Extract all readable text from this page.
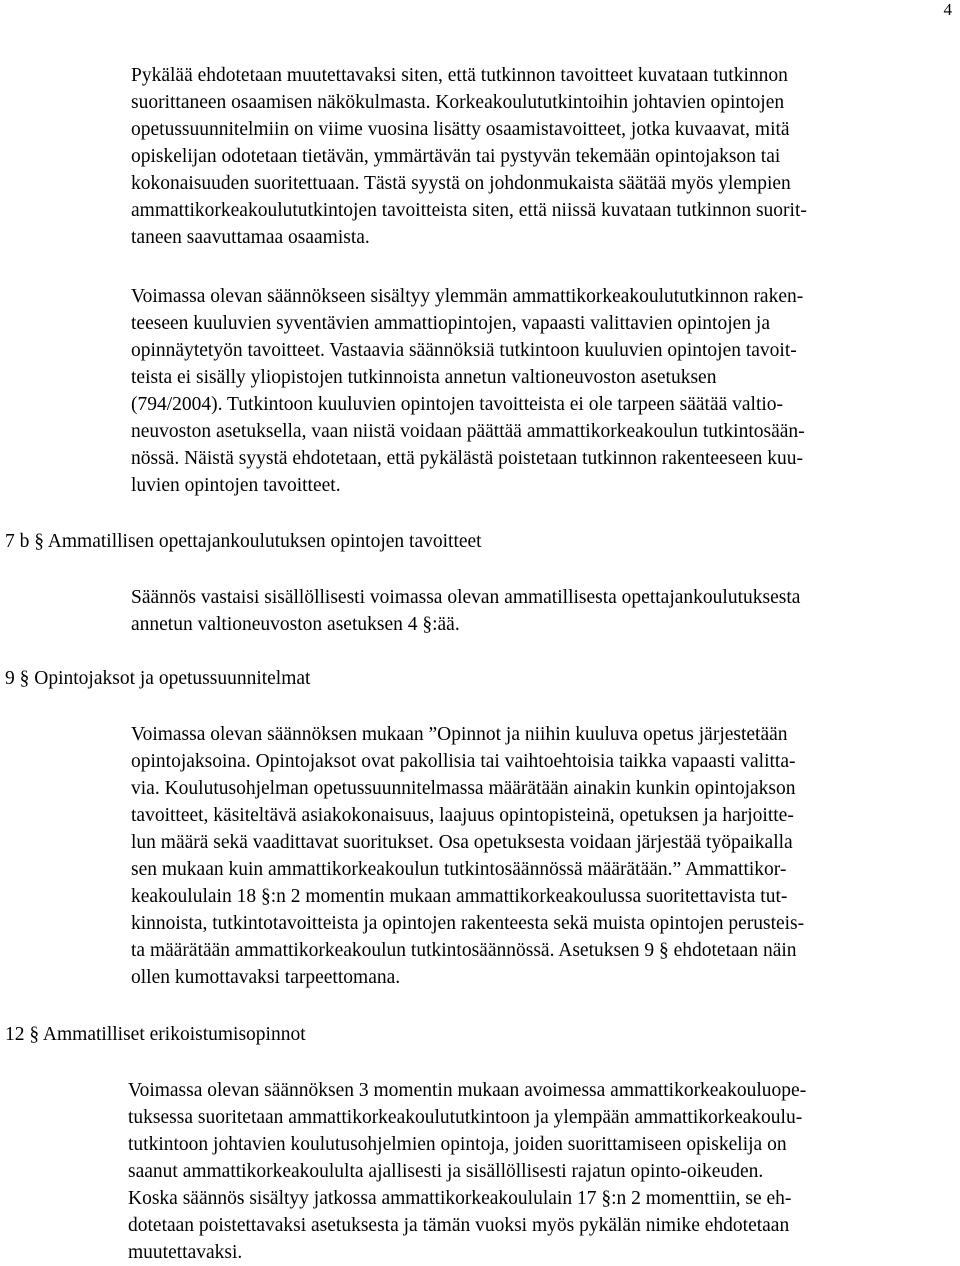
4
Pykälää ehdotetaan muutettavaksi siten, että tutkinnon tavoitteet kuvataan tutkinnon
suorittaneen osaamisen näkökulmasta. Korkeakoulututkintoihin johtavien opintojen
opetussuunnitelmiin on viime vuosina lisätty osaamistavoitteet, jotka kuvaavat, mitä
opiskelijan odotetaan tietävän, ymmärtävän tai pystyvän tekemään opintojakson tai
kokonaisuuden suoritettuaan. Tästä syystä on johdonmukaista säätää myös ylempien
ammattikorkeakoulututkintojen tavoitteista siten, että niissä kuvataan tutkinnon suorit-
taneen saavuttamaa osaamista.
Voimassa olevan säännökseen sisältyy ylemmän ammattikorkeakoulututkinnon raken-
teeseen kuuluvien syventävien ammattiopintojen, vapaasti valittavien opintojen ja
opinnäytetyön tavoitteet. Vastaavia säännöksiä tutkintoon kuuluvien opintojen tavoit-
teista ei sisälly yliopistojen tutkinnoista annetun valtioneuvoston asetuksen
(794/2004). Tutkintoon kuuluvien opintojen tavoitteista ei ole tarpeen säätää valtio-
neuvoston asetuksella, vaan niistä voidaan päättää ammattikorkeakoulun tutkintosään-
nössä. Näistä syystä ehdotetaan, että pykälästä poistetaan tutkinnon rakenteeseen kuu-
luvien opintojen tavoitteet.
7 b § Ammatillisen opettajankoulutuksen opintojen tavoitteet
Säännös vastaisi sisällöllisesti voimassa olevan ammatillisesta opettajankoulutuksesta
annetun valtioneuvoston asetuksen 4 §:ää.
9 § Opintojaksot ja opetussuunnitelmat
Voimassa olevan säännöksen mukaan ”Opinnot ja niihin kuuluva opetus järjestetään
opintojaksoina. Opintojaksot ovat pakollisia tai vaihtoehtoisia taikka vapaasti valitta-
via. Koulutusohjelman opetussuunnitelmassa määrätään ainakin kunkin opintojakson
tavoitteet, käsiteltävä asiakokonaisuus, laajuus opintopisteinä, opetuksen ja harjoitte-
lun määrä sekä vaadittavat suoritukset. Osa opetuksesta voidaan järjestää työpaikalla
sen mukaan kuin ammattikorkeakoulun tutkintosäännössä määrätään.” Ammattikor-
keakoululain 18 §:n 2 momentin mukaan ammattikorkeakoulussa suoritettavista tut-
kinnoista, tutkintotavoitteista ja opintojen rakenteesta sekä muista opintojen perusteis-
ta määrätään ammattikorkeakoulun tutkintosäännössä. Asetuksen 9 § ehdotetaan näin
ollen kumottavaksi tarpeettomana.
12 § Ammatilliset erikoistumisopinnot
Voimassa olevan säännöksen 3 momentin mukaan avoimessa ammattikorkeakouluope-
tuksessa suoritetaan ammattikorkeakoulututkintoon ja ylempään ammattikorkeakoulu-
tutkintoon johtavien koulutusohjelmien opintoja, joiden suorittamiseen opiskelija on
saanut ammattikorkeakoululta ajallisesti ja sisällöllisesti rajatun opinto-oikeuden.
Koska säännös sisältyy jatkossa ammattikorkeakoululain 17 §:n 2 momenttiin, se eh-
dotetaan poistettavaksi asetuksesta ja tämän vuoksi myös pykälän nimike ehdotetaan
muutettavaksi.
